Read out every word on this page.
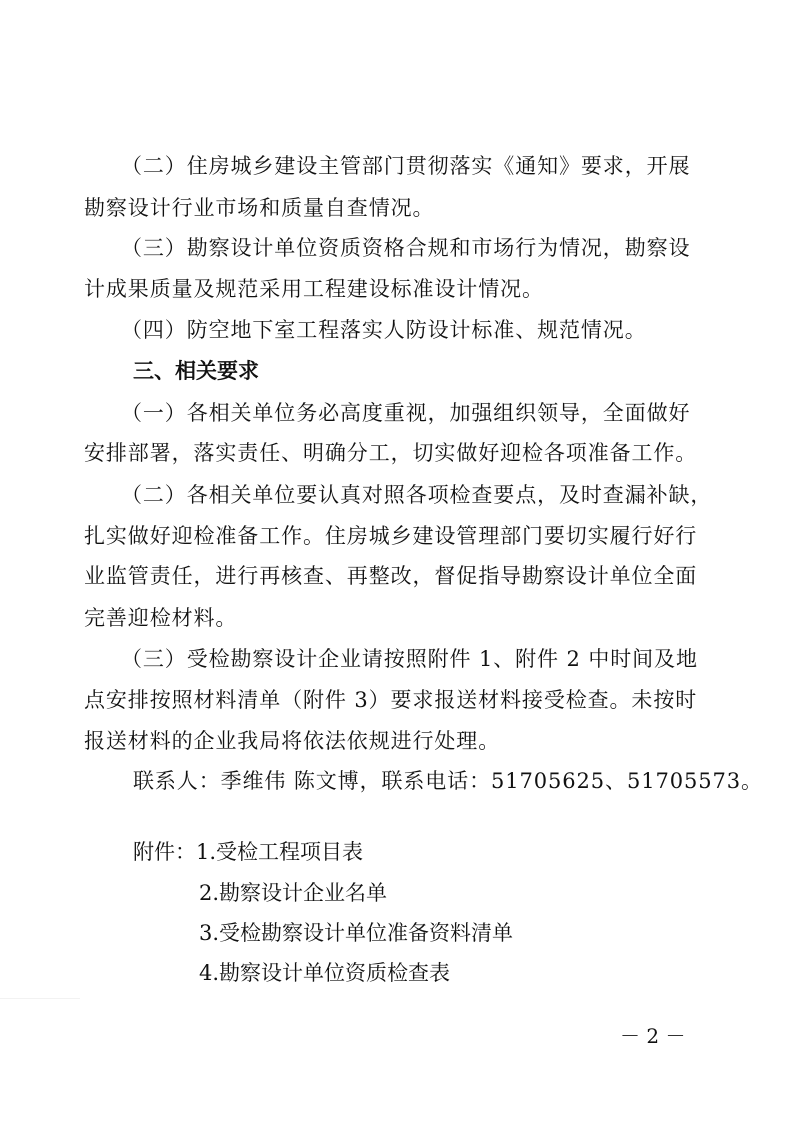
（二）住房城乡建设主管部门贯彻落实《通知》要求，开展
勘察设计行业市场和质量自查情况。
（三）勘察设计单位资质资格合规和市场行为情况，勘察设
计成果质量及规范采用工程建设标准设计情况。
（四）防空地下室工程落实人防设计标准、规范情况。
三、相关要求
（一）各相关单位务必高度重视，加强组织领导，全面做好
安排部署，落实责任、明确分工，切实做好迎检各项准备工作。
（二）各相关单位要认真对照各项检查要点，及时查漏补缺，
扎实做好迎检准备工作。住房城乡建设管理部门要切实履行好行
业监管责任，进行再核查、再整改，督促指导勘察设计单位全面
完善迎检材料。
（三）受检勘察设计企业请按照附件 1、附件 2 中时间及地
点安排按照材料清单（附件 3）要求报送材料接受检查。未按时
报送材料的企业我局将依法依规进行处理。
联系人：季维伟 陈文博，联系电话：51705625、51705573。
附件：1.受检工程项目表
2.勘察设计企业名单
3.受检勘察设计单位准备资料清单
4.勘察设计单位资质检查表
－ 2 －
